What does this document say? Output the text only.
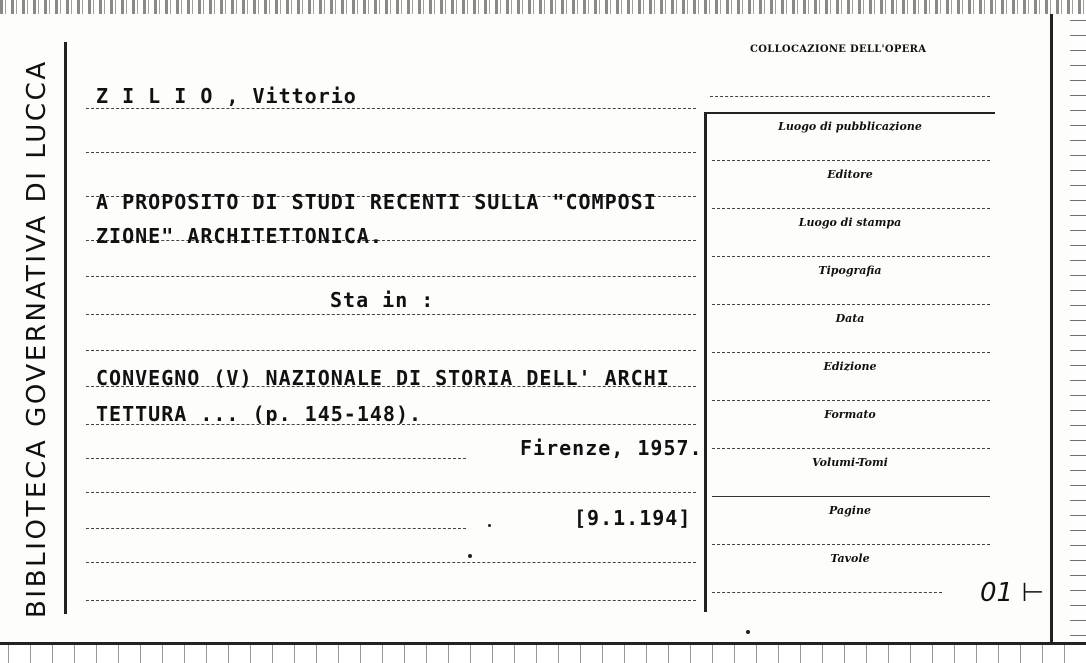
BIBLIOTECA GOVERNATIVA DI LUCCA Z I L I O , Vittorio
A PROPOSITO DI STUDI RECENTI SULLA "COMPOSI
ZIONE" ARCHITETTONICA.
Sta in :
CONVEGNO (V) NAZIONALE DI STORIA DELL' ARCHI
TETTURA ... (p. 145-148).
Firenze, 1957.
[9.1.194]
COLLOCAZIONE DELL'OPERA
Luogo di pubblicazione
Editore
Luogo di stampa
Tipografia
Data
Edizione
Formato
Volumi-Tomi
Pagine
Tavole
01 ⊢
